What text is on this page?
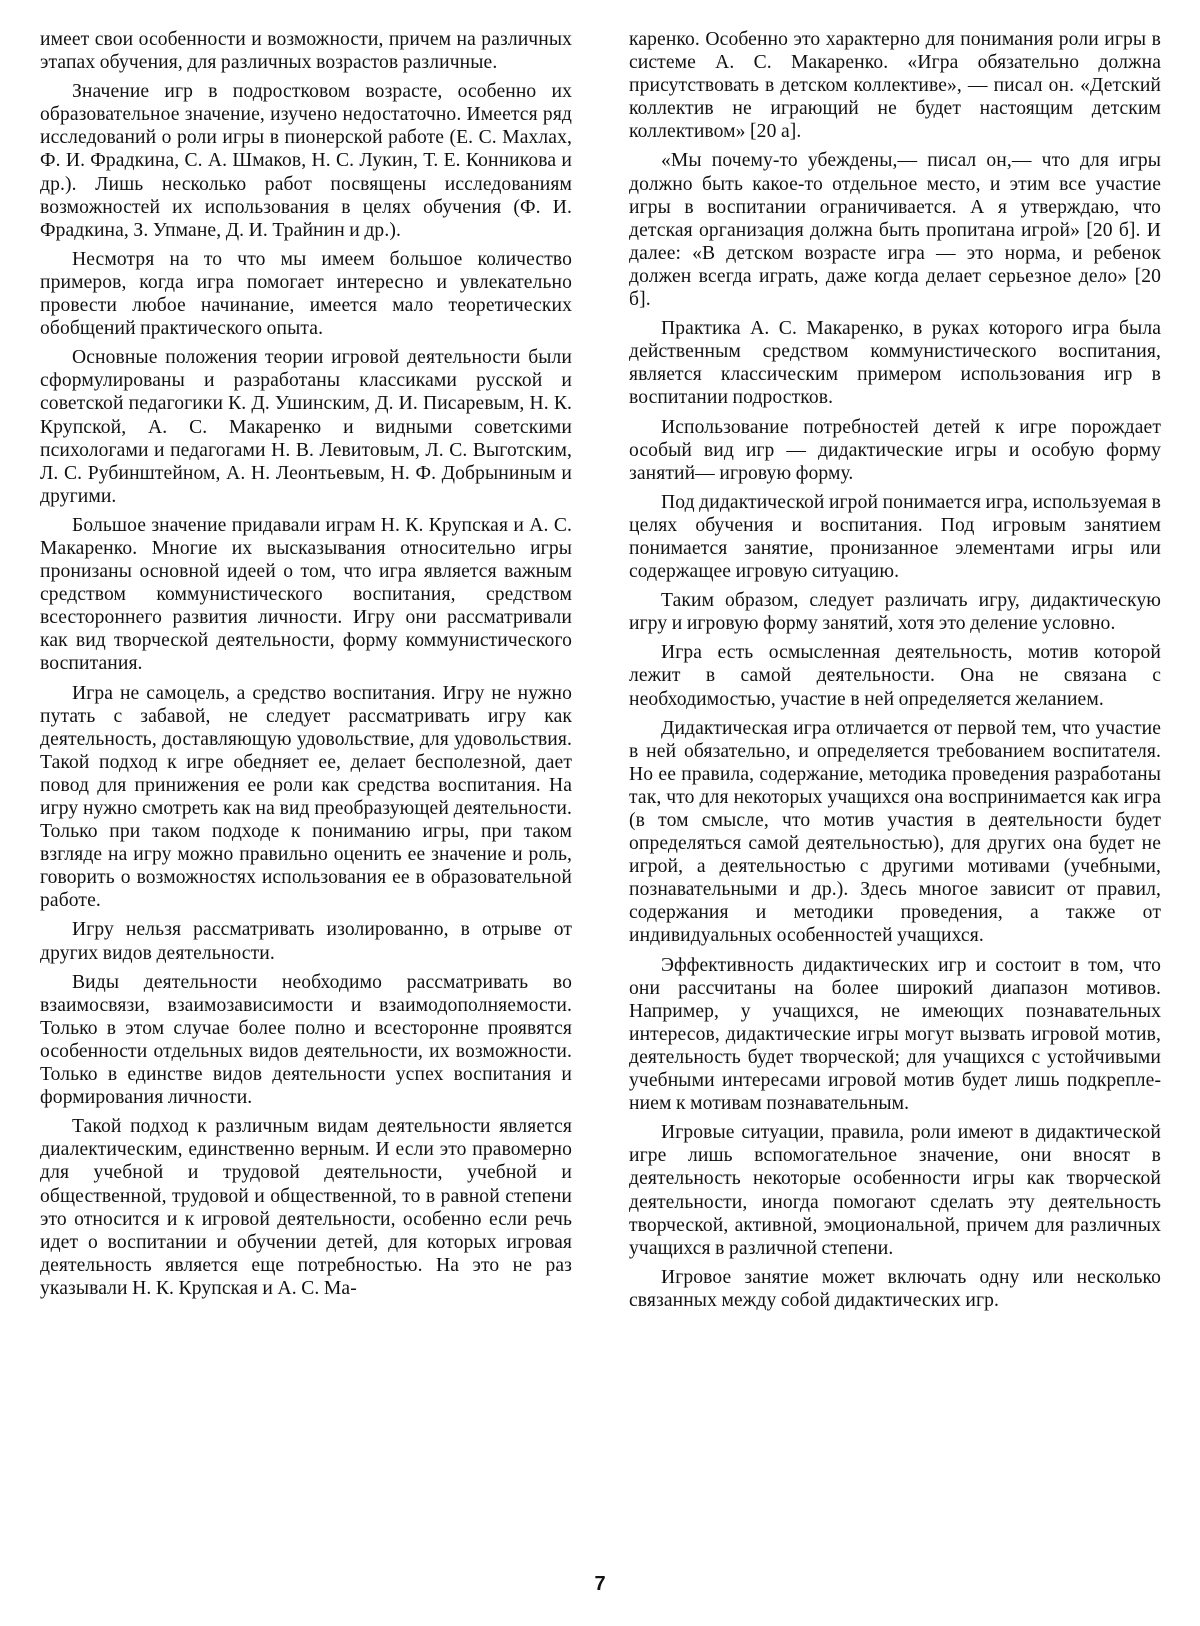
имеет свои особенности и возможности, причем на различных этапах обучения, для различных возрастов различные.

Значение игр в подростковом возрасте, особенно их образовательное значение, изучено недостаточно. Имеется ряд исследований о роли игры в пионерской работе (Е. С. Махлах, Ф. И. Фрадкина, С. А. Шмаков, Н. С. Лукин, Т. Е. Конникова и др.). Лишь несколько работ посвящены исследованиям возможностей их использования в целях обучения (Ф. И. Фрадкина, З. Упмане, Д. И. Трайнин и др.).

Несмотря на то что мы имеем большое количество примеров, когда игра помогает интересно и увлекательно провести любое начинание, имеется мало теоретических обобщений практического опыта.

Основные положения теории игровой деятельности были сформулированы и разработаны классиками русской и советской педагогики К. Д. Ушинским, Д. И. Писаревым, Н. К. Крупской, А. С. Макаренко и видными советскими психологами и педагогами Н. В. Левитовым, Л. С. Выготским, Л. С. Рубинштейном, А. Н. Леонтьевым, Н. Ф. Добрыниным и другими.

Большое значение придавали играм Н. К. Крупская и А. С. Макаренко. Многие их высказывания относительно игры пронизаны основной идеей о том, что игра является важным средством коммунистического воспитания, средством всестороннего развития личности. Игру они рассматривали как вид творческой деятельности, форму коммунистического воспитания.

Игра не самоцель, а средство воспитания. Игру не нужно путать с забавой, не следует рассматривать игру как деятельность, доставляющую удовольствие, для удовольствия. Такой подход к игре обедняет ее, делает бесполезной, дает повод для принижения ее роли как средства воспитания. На игру нужно смотреть как на вид преобразующей деятельности. Только при таком подходе к пониманию игры, при таком взгляде на игру можно правильно оценить ее значение и роль, говорить о возможностях использования ее в образовательной работе.

Игру нельзя рассматривать изолированно, в отрыве от других видов деятельности.

Виды деятельности необходимо рассматривать во взаимосвязи, взаимозависимости и взаимодополняемости. Только в этом случае более полно и всесторонне проявятся особенности отдельных видов деятельности, их возможности. Только в единстве видов деятельности успех воспитания и формирования личности.

Такой подход к различным видам деятельности является диалектическим, единственно верным. И если это правомерно для учебной и трудовой деятельности, учебной и общественной, трудовой и общественной, то в равной степени это относится и к игровой деятельности, особенно если речь идет о воспитании и обучении детей, для которых игровая деятельность является еще потребностью. На это не раз указывали Н. К. Крупская и А. С. Ма-

каренко. Особенно это характерно для понимания роли игры в системе А. С. Макаренко. «Игра обязательно должна присутствовать в детском коллективе», — писал он. «Детский коллектив не играющий не будет настоящим детским коллективом» [20 а].

«Мы почему-то убеждены,— писал он,— что для игры должно быть какое-то отдельное место, и этим все участие игры в воспитании ограничивается. А я утверждаю, что детская организация должна быть пропитана игрой» [20 б]. И далее: «В детском возрасте игра — это норма, и ребенок должен всегда играть, даже когда делает серьезное дело» [20 б].

Практика А. С. Макаренко, в руках которого игра была действенным средством коммунистического воспитания, является классическим примером использования игр в воспитании подростков.

Использование потребностей детей к игре порождает особый вид игр — дидактические игры и особую форму занятий— игровую форму.

Под дидактической игрой понимается игра, используемая в целях обучения и воспитания. Под игровым занятием понимается занятие, пронизанное элементами игры или содержащее игровую ситуацию.

Таким образом, следует различать игру, дидактическую игру и игровую форму занятий, хотя это деление условно.

Игра есть осмысленная деятельность, мотив которой лежит в самой деятельности. Она не связана с необходимостью, участие в ней определяется желанием.

Дидактическая игра отличается от первой тем, что участие в ней обязательно, и определяется требованием воспитателя. Но ее правила, содержание, методика проведения разработаны так, что для некоторых учащихся она воспринимается как игра (в том смысле, что мотив участия в деятельности будет определяться самой деятельностью), для других она будет не игрой, а деятельностью с другими мотивами (учебными, познавательными и др.). Здесь многое зависит от правил, содержания и методики проведения, а также от индивидуальных особенностей учащихся.

Эффективность дидактических игр и состоит в том, что они рассчитаны на более широкий диапазон мотивов. Например, у учащихся, не имеющих познавательных интересов, дидактические игры могут вызвать игровой мотив, деятельность будет творческой; для учащихся с устойчивыми учебными интересами игровой мотив будет лишь подкреплением к мотивам познавательным.

Игровые ситуации, правила, роли имеют в дидактической игре лишь вспомогательное значение, они вносят в деятельность некоторые особенности игры как творческой деятельности, иногда помогают сделать эту деятельность творческой, активной, эмоциональной, причем для различных учащихся в различной степени.

Игровое занятие может включать одну или несколько связанных между собой дидактических игр.

7
